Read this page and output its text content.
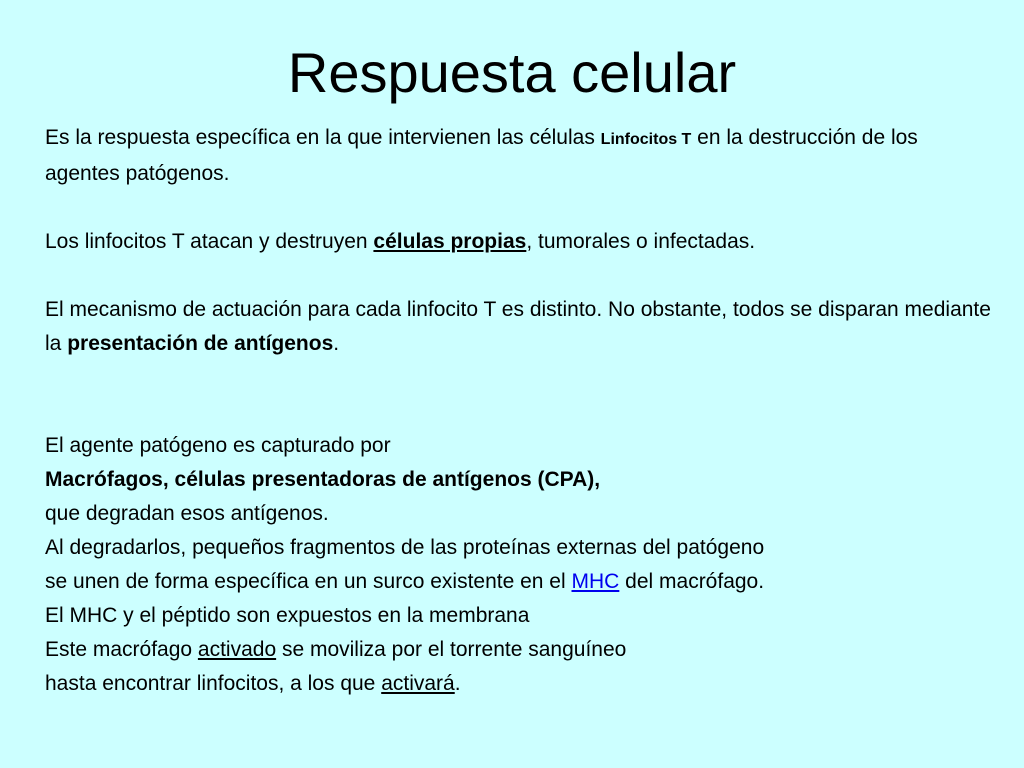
Respuesta celular

Es la respuesta específica en la que intervienen las células Linfocitos T en la destrucción de los agentes patógenos.

Los linfocitos T atacan y destruyen células propias, tumorales o infectadas.

El mecanismo de actuación para cada linfocito T es distinto. No obstante, todos se disparan mediante la presentación de antígenos.

El agente patógeno es capturado por

Macrófagos, células presentadoras de antígenos (CPA),

que degradan esos antígenos.

Al degradarlos, pequeños fragmentos de las proteínas externas del patógeno

se unen de forma específica en un surco existente en el MHC del macrófago.

El MHC y el péptido son expuestos en la membrana

Este macrófago activado se moviliza por el torrente sanguíneo

hasta encontrar linfocitos, a los que activará.
